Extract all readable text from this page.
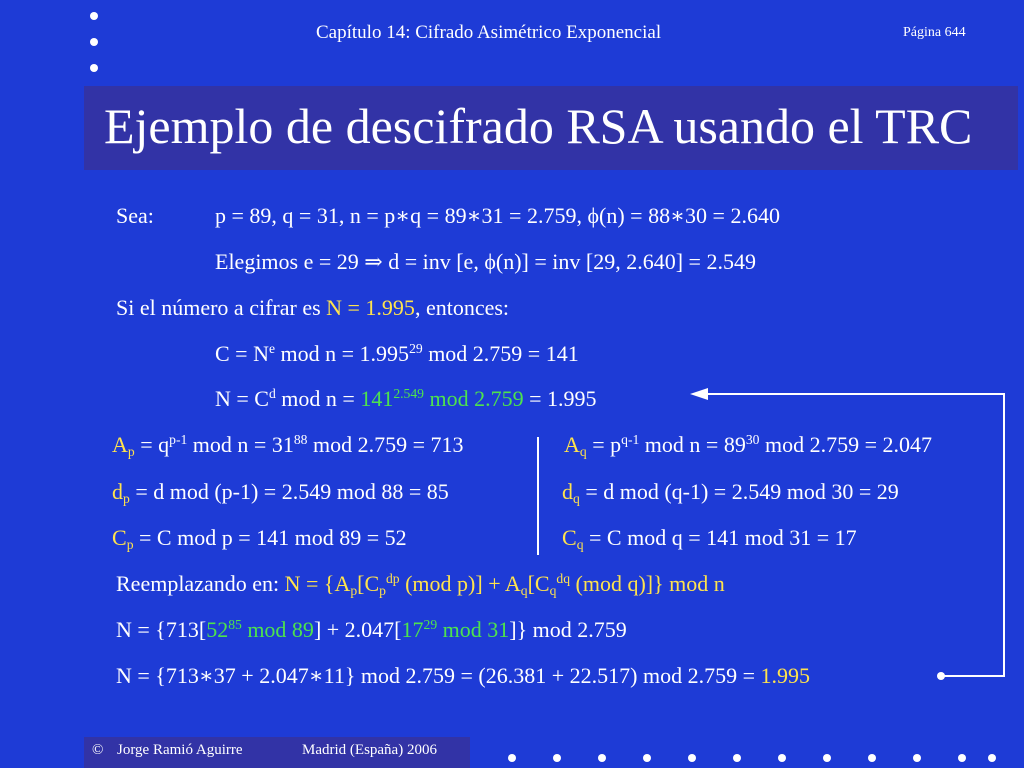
Capítulo 14: Cifrado Asimétrico Exponencial	Página 644
Ejemplo de descifrado RSA usando el TRC
Sea:	p = 89, q = 31, n = p∗q = 89∗31 = 2.759, ϕ(n) = 88∗30 = 2.640
Elegimos e = 29 ⇒ d = inv [e, ϕ(n)] = inv [29, 2.640] = 2.549
Si el número a cifrar es N = 1.995, entonces:
$C = N^e$ mod $n = 1.995^{29}$ mod 2.759 = 141
$N = C^d$ mod $n = 141^{2.549}$ mod 2.759 = 1.995
$A_p = q^{p-1}$ mod $n = 31^{88}$ mod 2.759 = 713	$A_q = p^{q-1}$ mod $n = 89^{30}$ mod 2.759 = 2.047
$d_p = d$ mod (p-1) = 2.549 mod 88 = 85	$d_q = d$ mod (q-1) = 2.549 mod 30 = 29
$C_p = C$ mod p = 141 mod 89 = 52	$C_q = C$ mod q = 141 mod 31 = 17
Reemplazando en: $N = \{A_p[C_p^{dp}$ (mod $p)] + A_q[C_q^{dq}$ (mod q)]} mod n
$N = \{713[52^{85}$ mod $89] + 2.047[17^{29}$ mod 31]} mod 2.759
N = {713∗37 + 2.047∗11} mod 2.759 = (26.381 + 22.517) mod 2.759 = 1.995
© Jorge Ramió Aguirre	Madrid (España) 2006
